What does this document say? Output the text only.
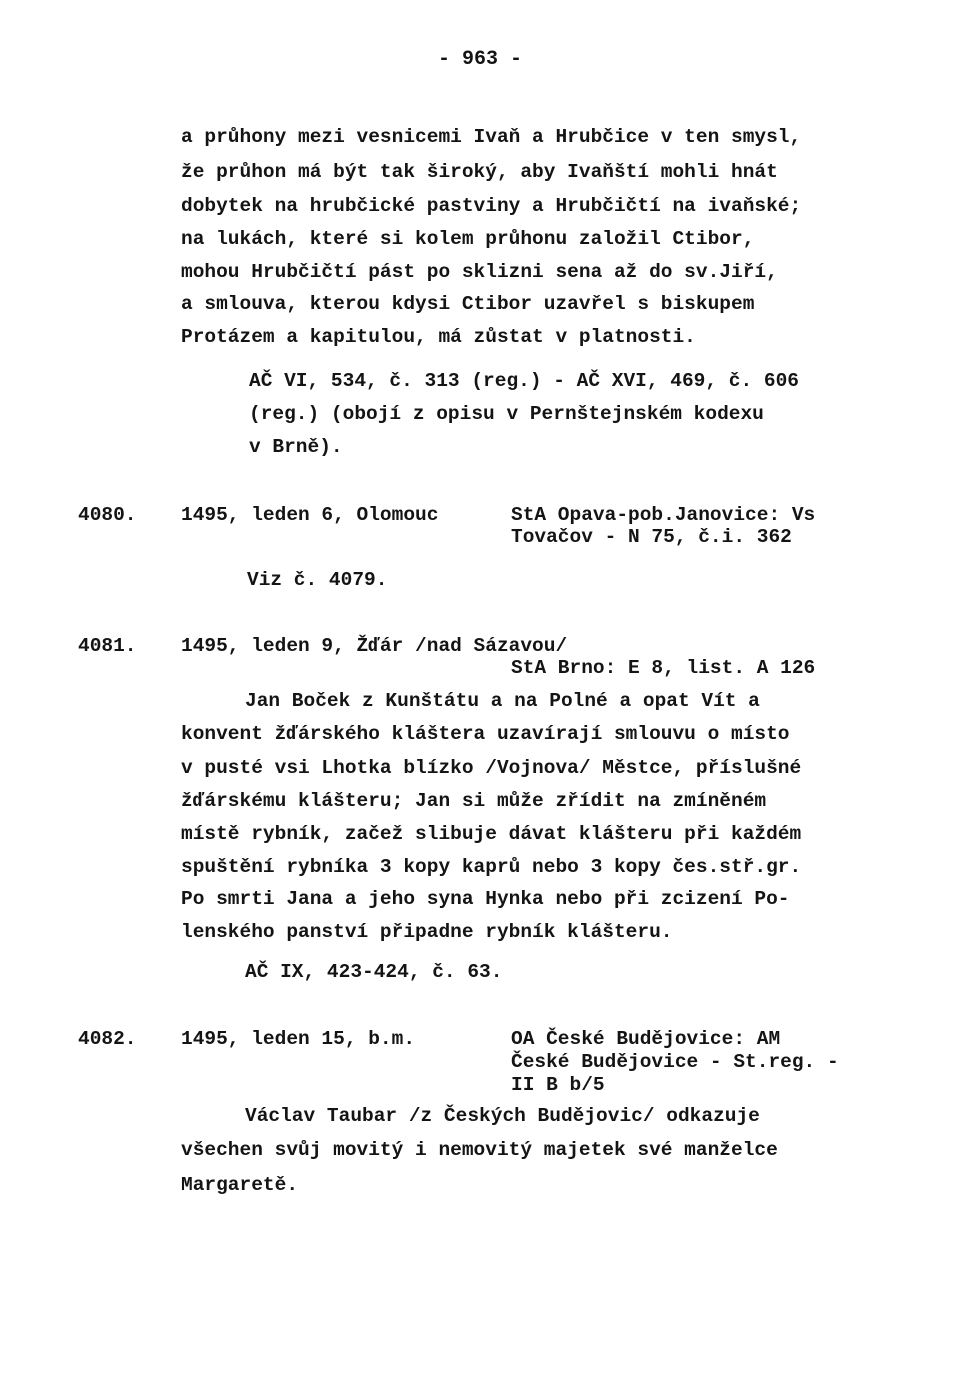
- 963 -
a průhony mezi vesnicemi Ivaň a Hrubčice v ten smysl,
že průhon má být tak široký, aby Ivaňští mohli hnát
dobytek na hrubčické pastviny a Hrubčičtí na ivaňské;
na lukách, které si kolem průhonu založil Ctibor,
mohou Hrubčičtí pást po sklizni sena až do sv.Jiří,
a smlouva, kterou kdysi Ctibor uzavřel s biskupem
Protázem a kapitulou, má zůstat v platnosti.
AČ VI, 534, č. 313 (reg.) - AČ XVI, 469, č. 606
(reg.) (obojí z opisu v Pernštejnském kodexu
v Brně).
4080. 1495, leden 6, Olomouc	StA Opava-pob.Janovice: Vs
Tovačov - N 75, č.i. 362
Viz č. 4079.
4081. 1495, leden 9, Žďár /nad Sázavou/
StA Brno: E 8, list. A 126
Jan Boček z Kunštátu a na Polné a opat Vít a
konvent žďárského kláštera uzavírají smlouvu o místo
v pusté vsi Lhotka blízko /Vojnova/ Městce, příslušné
žďárskému klášteru; Jan si může zřídit na zmíněném
místě rybník, začež slibuje dávat klášteru při každém
spuštění rybníka 3 kopy kaprů nebo 3 kopy čes.stř.gr.
Po smrti Jana a jeho syna Hynka nebo při zcizení Po-
lenského panství připadne rybník klášteru.
AČ IX, 423-424, č. 63.
4082. 1495, leden 15, b.m.	OA České Budějovice: AM
České Budějovice - St.reg. -
II B b/5
Václav Taubar /z Českých Budějovic/ odkazuje
všechen svůj movitý i nemovitý majetek své manželce
Margaretě.
